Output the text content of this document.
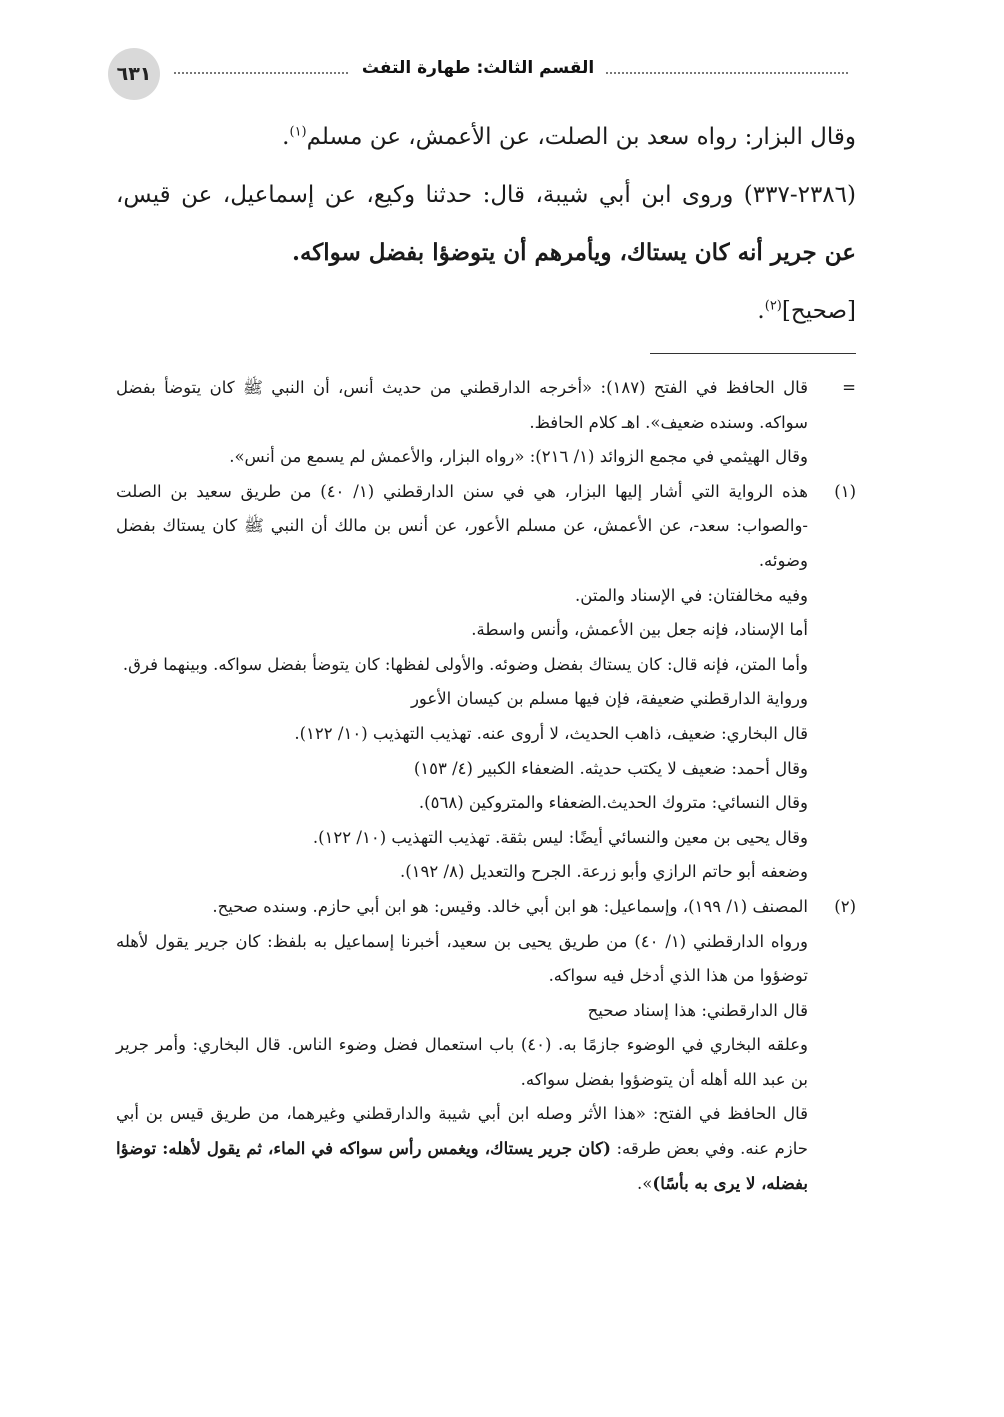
٦٣١	القسم الثالث: طهارة التفث

وقال البزار: رواه سعد بن الصلت، عن الأعمش، عن مسلم$^{(١)}$.

(٢٣٨٦-٣٣٧) وروى ابن أبي شيبة، قال: حدثنا وكيع، عن إسماعيل، عن قيس، عن جرير أنه كان يستاك، ويأمرهم أن يتوضؤا بفضل سواكه.

[صحيح]$^{(٢)}$.

=
قال الحافظ في الفتح (١٨٧): «أخرجه الدارقطني من حديث أنس، أن النبي ﷺ كان يتوضأ بفضل سواكه. وسنده ضعيف». اهـ كلام الحافظ.
وقال الهيثمي في مجمع الزوائد (١/ ٢١٦): «رواه البزار، والأعمش لم يسمع من أنس».
(١)
هذه الرواية التي أشار إليها البزار، هي في سنن الدارقطني (١/ ٤٠) من طريق سعيد بن الصلت -والصواب: سعد-، عن الأعمش، عن مسلم الأعور، عن أنس بن مالك أن النبي ﷺ كان يستاك بفضل وضوئه.
وفيه مخالفتان: في الإسناد والمتن.
أما الإسناد، فإنه جعل بين الأعمش، وأنس واسطة.
وأما المتن، فإنه قال: كان يستاك بفضل وضوئه. والأولى لفظها: كان يتوضأ بفضل سواكه. وبينهما فرق.
ورواية الدارقطني ضعيفة، فإن فيها مسلم بن كيسان الأعور
قال البخاري: ضعيف، ذاهب الحديث، لا أروى عنه. تهذيب التهذيب (١٠/ ١٢٢).
وقال أحمد: ضعيف لا يكتب حديثه. الضعفاء الكبير (٤/ ١٥٣)
وقال النسائي: متروك الحديث.الضعفاء والمتروكين (٥٦٨).
وقال يحيى بن معين والنسائي أيضًا: ليس بثقة. تهذيب التهذيب (١٠/ ١٢٢).
وضعفه أبو حاتم الرازي وأبو زرعة. الجرح والتعديل (٨/ ١٩٢).
(٢)
المصنف (١/ ١٩٩)، وإسماعيل: هو ابن أبي خالد. وقيس: هو ابن أبي حازم. وسنده صحيح.
ورواه الدارقطني (١/ ٤٠) من طريق يحيى بن سعيد، أخبرنا إسماعيل به بلفظ: كان جرير يقول لأهله توضؤوا من هذا الذي أدخل فيه سواكه.
قال الدارقطني: هذا إسناد صحيح
وعلقه البخاري في الوضوء جازمًا به. (٤٠) باب استعمال فضل وضوء الناس. قال البخاري: وأمر جرير بن عبد الله أهله أن يتوضؤوا بفضل سواكه.
قال الحافظ في الفتح: «هذا الأثر وصله ابن أبي شيبة والدارقطني وغيرهما، من طريق قيس بن أبي حازم عنه. وفي بعض طرقه: (كان جرير يستاك، ويغمس رأس سواكه في الماء، ثم يقول لأهله: توضؤا بفضله، لا يرى به بأسًا)».
